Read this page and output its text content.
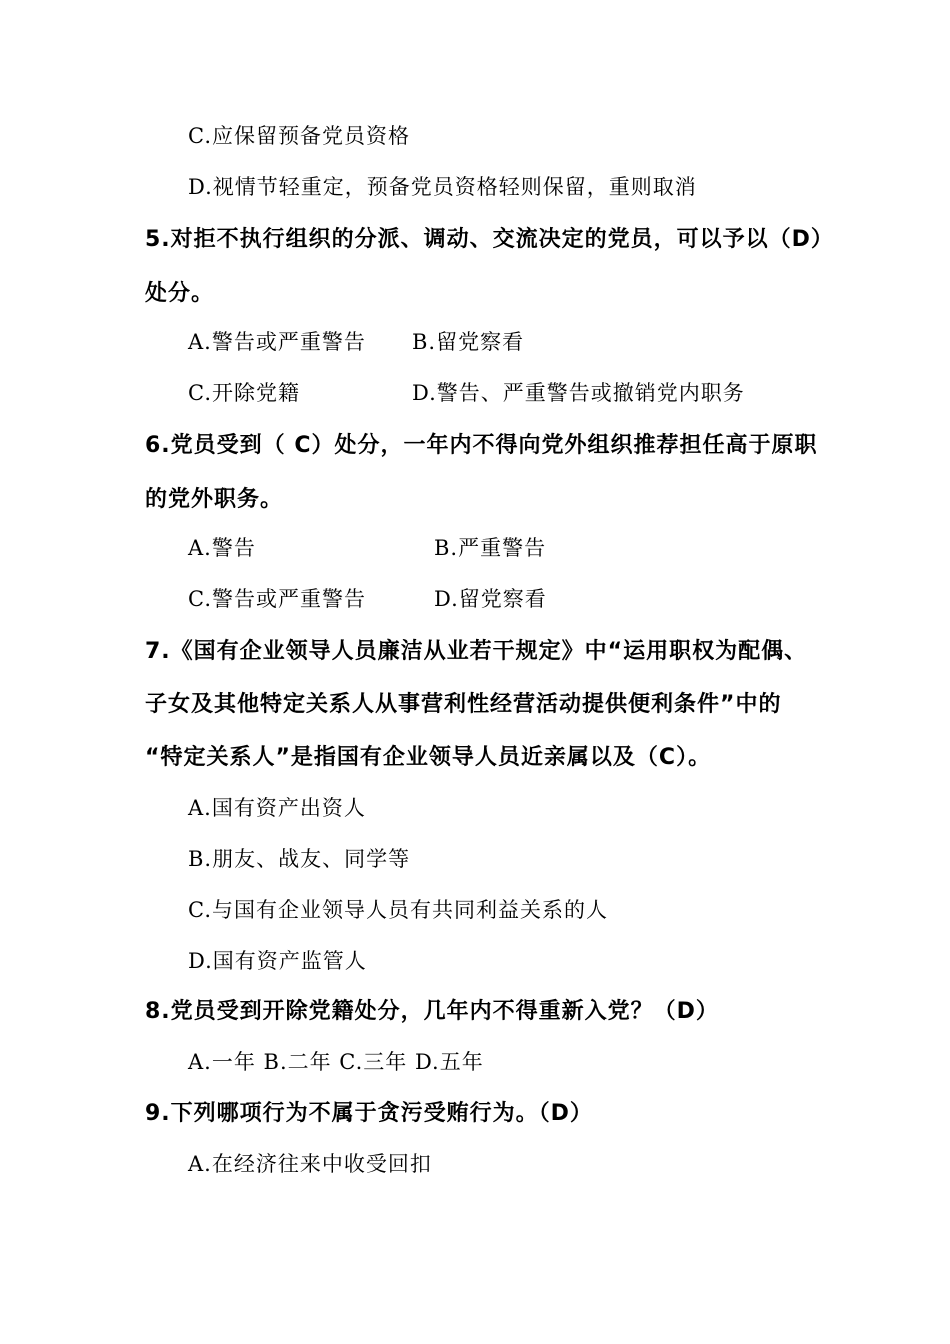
C.应保留预备党员资格
D.视情节轻重定，预备党员资格轻则保留，重则取消
5.对拒不执行组织的分派、调动、交流决定的党员，可以予以（D）
处分。
A.警告或严重警告 B.留党察看
C.开除党籍	D.警告、严重警告或撤销党内职务
6.党员受到（ C）处分，一年内不得向党外组织推荐担任高于原职
的党外职务。
A.警告	B.严重警告
C.警告或严重警告	D.留党察看
7.《国有企业领导人员廉洁从业若干规定》中“运用职权为配偶、
子女及其他特定关系人从事营利性经营活动提供便利条件”中的
“特定关系人”是指国有企业领导人员近亲属以及（C）。
A.国有资产出资人
B.朋友、战友、同学等
C.与国有企业领导人员有共同利益关系的人
D.国有资产监管人
8.党员受到开除党籍处分，几年内不得重新入党？（D）
A.一年 B.二年 C.三年 D.五年
9.下列哪项行为不属于贪污受贿行为。（D）
A.在经济往来中收受回扣
